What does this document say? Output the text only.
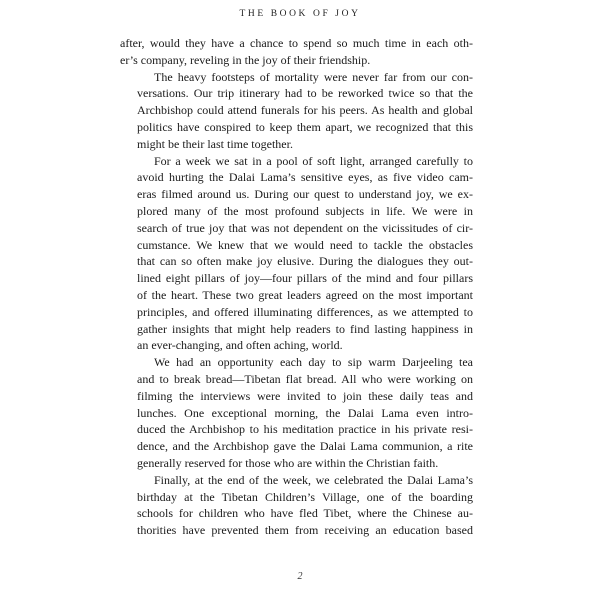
THE BOOK OF JOY
after, would they have a chance to spend so much time in each oth-
er’s company, reveling in the joy of their friendship.
The heavy footsteps of mortality were never far from our con-
versations. Our trip itinerary had to be reworked twice so that the
Archbishop could attend funerals for his peers. As health and global
politics have conspired to keep them apart, we recognized that this
might be their last time together.
For a week we sat in a pool of soft light, arranged carefully to
avoid hurting the Dalai Lama’s sensitive eyes, as five video cam-
eras filmed around us. During our quest to understand joy, we ex-
plored many of the most profound subjects in life. We were in
search of true joy that was not dependent on the vicissitudes of cir-
cumstance. We knew that we would need to tackle the obstacles
that can so often make joy elusive. During the dialogues they out-
lined eight pillars of joy—four pillars of the mind and four pillars
of the heart. These two great leaders agreed on the most important
principles, and offered illuminating differences, as we attempted to
gather insights that might help readers to find lasting happiness in
an ever-changing, and often aching, world.
We had an opportunity each day to sip warm Darjeeling tea
and to break bread—Tibetan flat bread. All who were working on
filming the interviews were invited to join these daily teas and
lunches. One exceptional morning, the Dalai Lama even intro-
duced the Archbishop to his meditation practice in his private resi-
dence, and the Archbishop gave the Dalai Lama communion, a rite
generally reserved for those who are within the Christian faith.
Finally, at the end of the week, we celebrated the Dalai Lama’s
birthday at the Tibetan Children’s Village, one of the boarding
schools for children who have fled Tibet, where the Chinese au-
thorities have prevented them from receiving an education based
2
